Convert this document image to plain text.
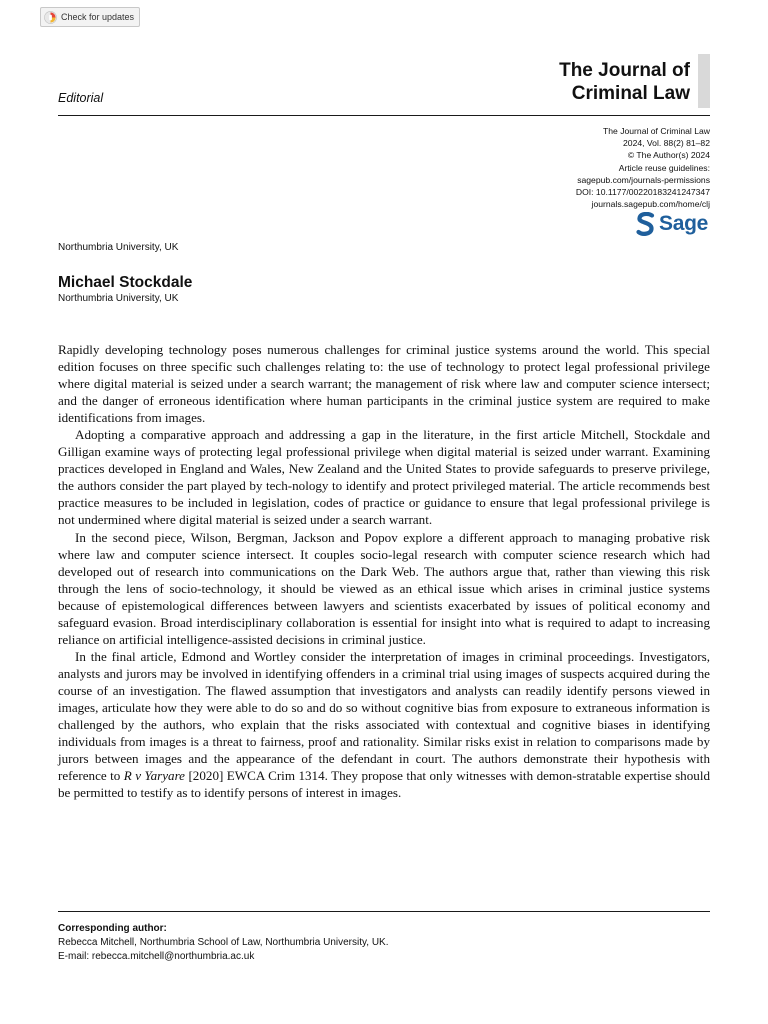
Check for updates
The Journal of
Criminal Law
Editorial
The Journal of Criminal Law
2024, Vol. 88(2) 81–82
© The Author(s) 2024
Article reuse guidelines:
sagepub.com/journals-permissions
DOI: 10.1177/00220183241247347
journals.sagepub.com/home/clj
Sage
Northumbria University, UK
Michael Stockdale
Northumbria University, UK

Rapidly developing technology poses numerous challenges for criminal justice systems around the world. This special edition focuses on three specific such challenges relating to: the use of technology to protect legal professional privilege where digital material is seized under a search warrant; the management of risk where law and computer science intersect; and the danger of erroneous identification where human participants in the criminal justice system are required to make identifications from images.

Adopting a comparative approach and addressing a gap in the literature, in the first article Mitchell, Stockdale and Gilligan examine ways of protecting legal professional privilege when digital material is seized under warrant. Examining practices developed in England and Wales, New Zealand and the United States to provide safeguards to preserve privilege, the authors consider the part played by tech-nology to identify and protect privileged material. The article recommends best practice measures to be included in legislation, codes of practice or guidance to ensure that legal professional privilege is not undermined where digital material is seized under a search warrant.

In the second piece, Wilson, Bergman, Jackson and Popov explore a different approach to managing probative risk where law and computer science intersect. It couples socio-legal research with computer science research which had developed out of research into communications on the Dark Web. The authors argue that, rather than viewing this risk through the lens of socio-technology, it should be viewed as an ethical issue which arises in criminal justice systems because of epistemological differences between lawyers and scientists exacerbated by issues of political economy and safeguard evasion. Broad interdisciplinary collaboration is essential for insight into what is required to adapt to increasing reliance on artificial intelligence-assisted decisions in criminal justice.

In the final article, Edmond and Wortley consider the interpretation of images in criminal proceedings. Investigators, analysts and jurors may be involved in identifying offenders in a criminal trial using images of suspects acquired during the course of an investigation. The flawed assumption that investigators and analysts can readily identify persons viewed in images, articulate how they were able to do so and do so without cognitive bias from exposure to extraneous information is challenged by the authors, who explain that the risks associated with contextual and cognitive biases in identifying individuals from images is a threat to fairness, proof and rationality. Similar risks exist in relation to comparisons made by jurors between images and the appearance of the defendant in court. The authors demonstrate their hypothesis with reference to R v Yaryare [2020] EWCA Crim 1314. They propose that only witnesses with demon-stratable expertise should be permitted to testify as to identify persons of interest in images.

Corresponding author:
Rebecca Mitchell, Northumbria School of Law, Northumbria University, UK.
E-mail: rebecca.mitchell@northumbria.ac.uk
